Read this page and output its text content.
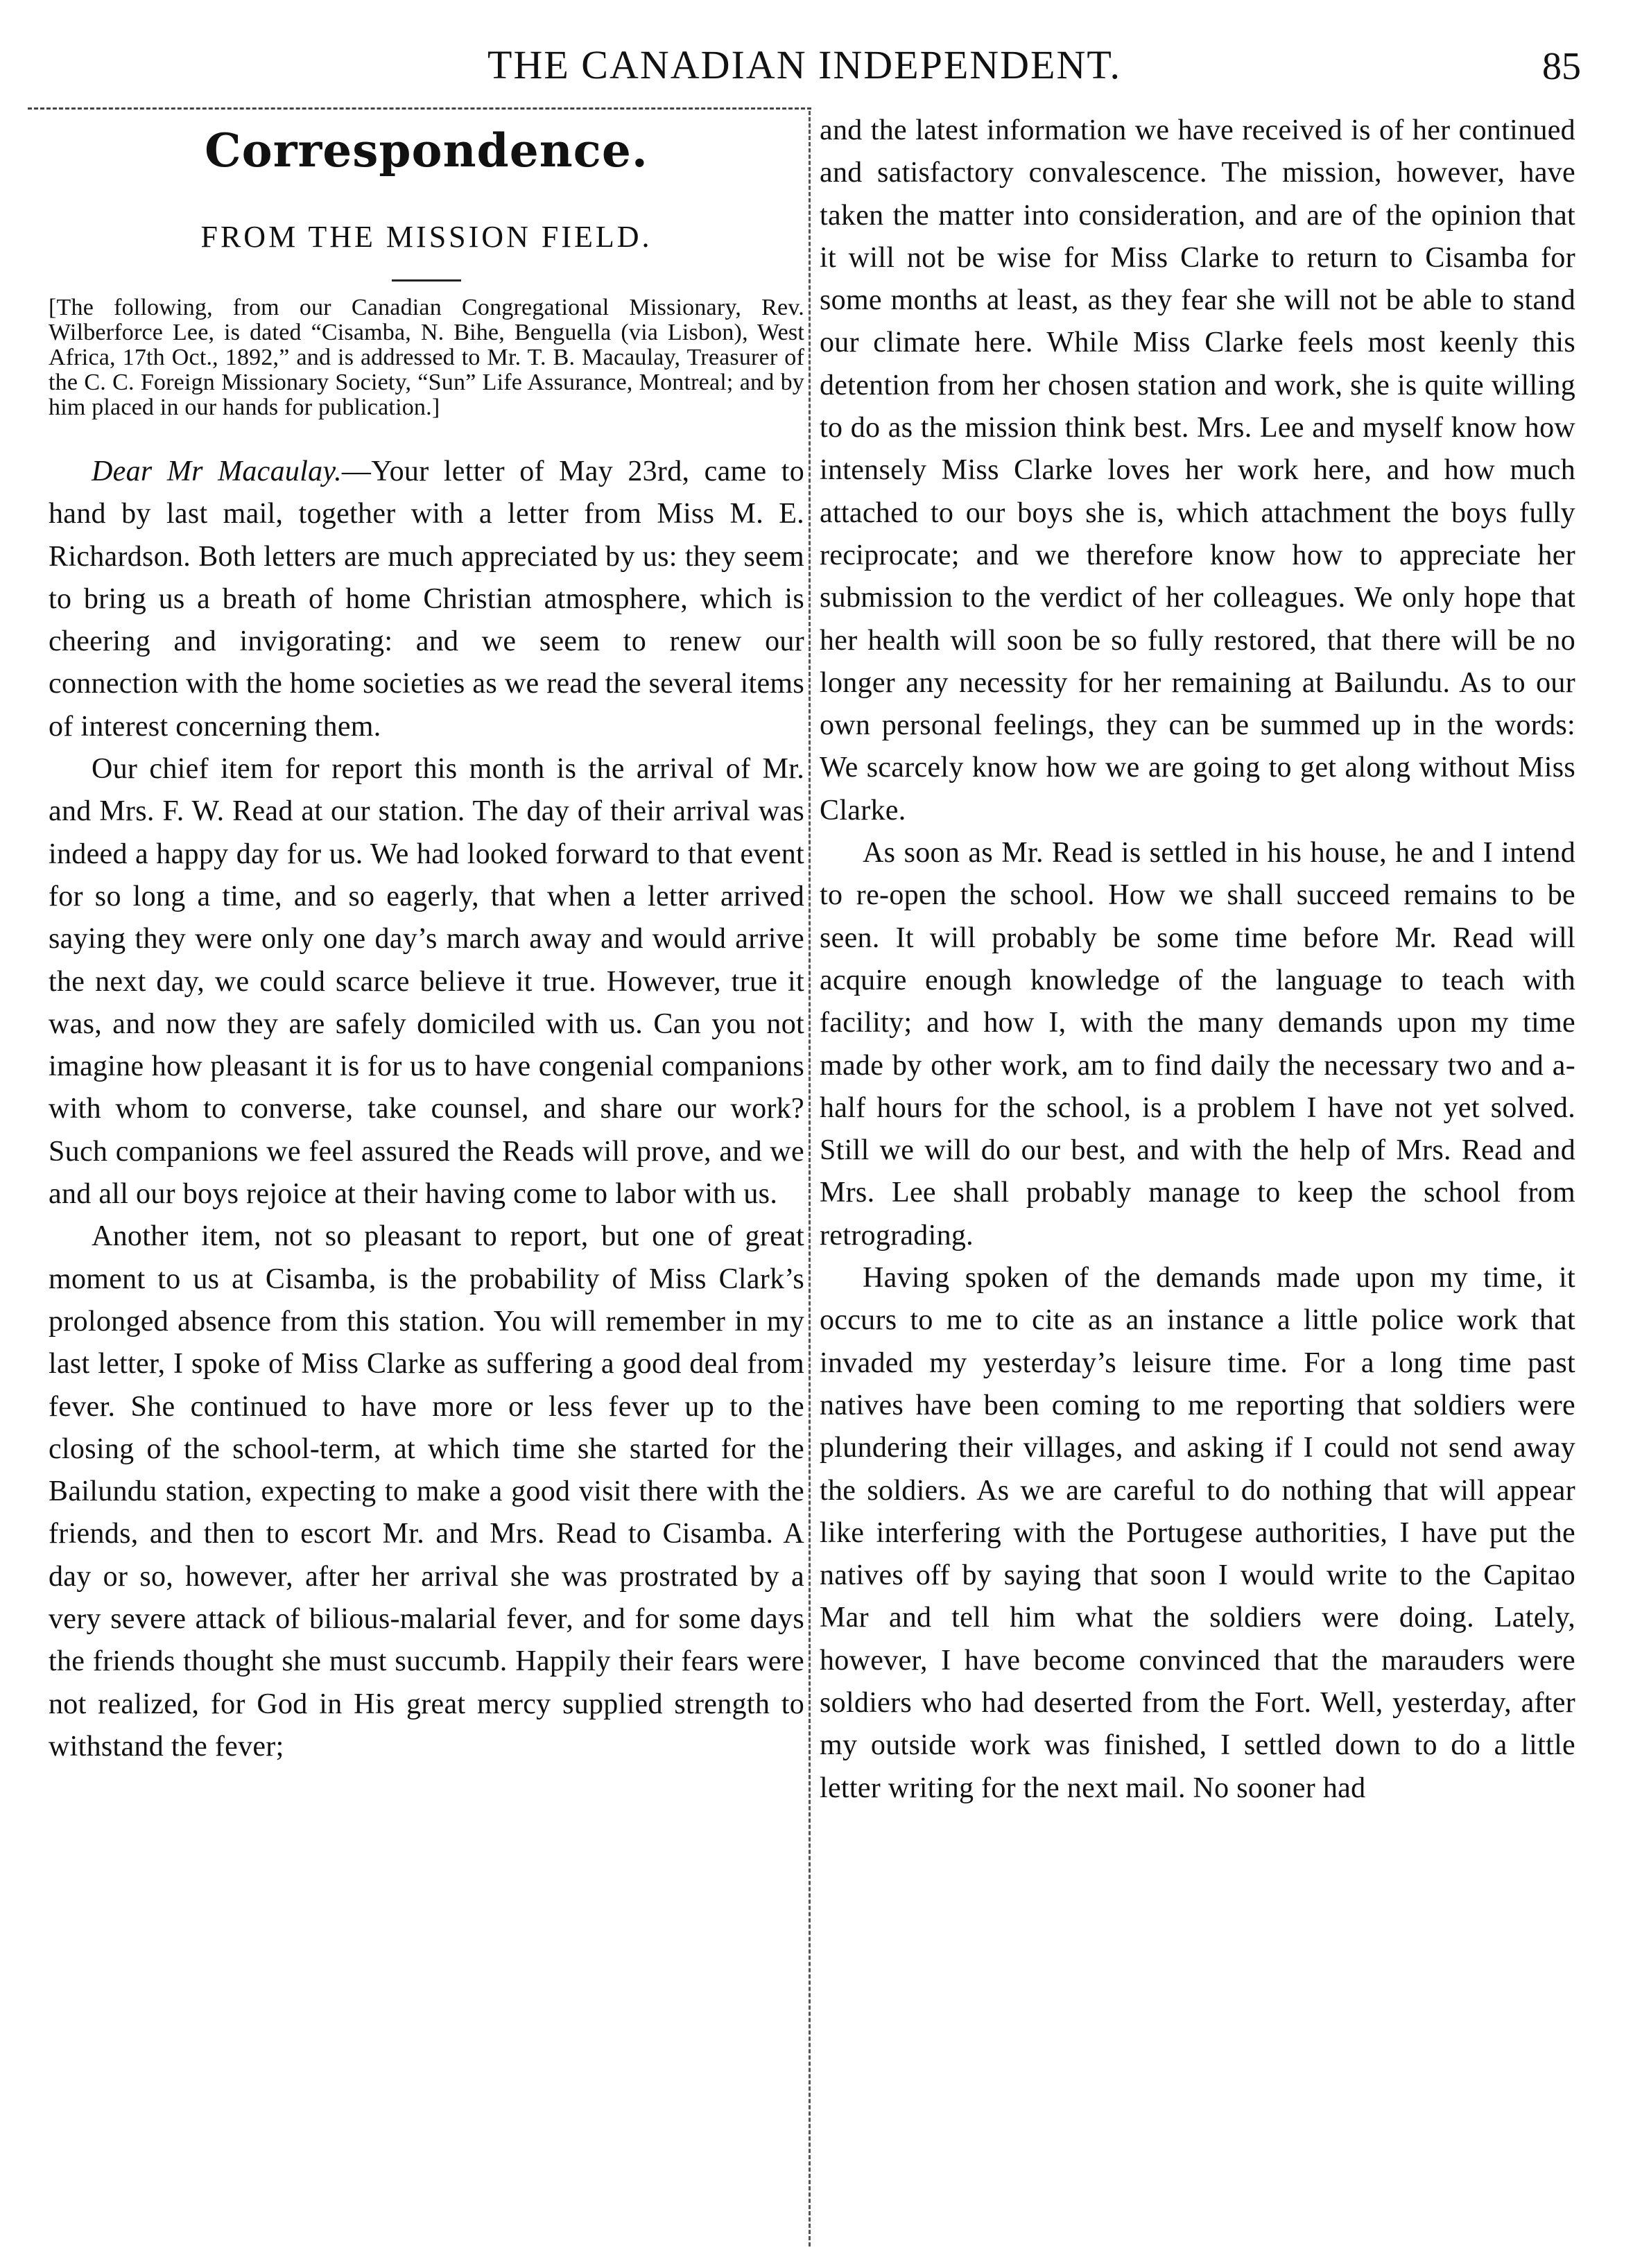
THE CANADIAN INDEPENDENT.	85
Correspondence.
FROM THE MISSION FIELD.

[The following, from our Canadian Congregational Missionary, Rev. Wilberforce Lee, is dated “Cisamba, N. Bihe, Benguella (via Lisbon), West Africa, 17th Oct., 1892,” and is addressed to Mr. T. B. Macaulay, Treasurer of the C. C. Foreign Missionary Society, “Sun” Life Assurance, Montreal; and by him placed in our hands for publication.]

Dear Mr Macaulay.—Your letter of May 23rd, came to hand by last mail, together with a letter from Miss M. E. Richardson. Both letters are much appreciated by us: they seem to bring us a breath of home Christian atmosphere, which is cheering and invigorating: and we seem to renew our connection with the home societies as we read the several items of interest concerning them.

Our chief item for report this month is the arrival of Mr. and Mrs. F. W. Read at our station. The day of their arrival was indeed a happy day for us. We had looked forward to that event for so long a time, and so eagerly, that when a letter arrived saying they were only one day’s march away and would arrive the next day, we could scarce believe it true. However, true it was, and now they are safely domiciled with us. Can you not imagine how pleasant it is for us to have congenial companions with whom to converse, take counsel, and share our work? Such companions we feel assured the Reads will prove, and we and all our boys rejoice at their having come to labor with us.

Another item, not so pleasant to report, but one of great moment to us at Cisamba, is the probability of Miss Clark’s prolonged absence from this station. You will remember in my last letter, I spoke of Miss Clarke as suffering a good deal from fever. She continued to have more or less fever up to the closing of the school-term, at which time she started for the Bailundu station, expecting to make a good visit there with the friends, and then to escort Mr. and Mrs. Read to Cisamba. A day or so, however, after her arrival she was prostrated by a very severe attack of bilious-malarial fever, and for some days the friends thought she must succumb. Happily their fears were not realized, for God in His great mercy supplied strength to withstand the fever;

and the latest information we have received is of her continued and satisfactory convalescence. The mission, however, have taken the matter into consideration, and are of the opinion that it will not be wise for Miss Clarke to return to Cisamba for some months at least, as they fear she will not be able to stand our climate here. While Miss Clarke feels most keenly this detention from her chosen station and work, she is quite willing to do as the mission think best. Mrs. Lee and myself know how intensely Miss Clarke loves her work here, and how much attached to our boys she is, which attachment the boys fully reciprocate; and we therefore know how to appreciate her submission to the verdict of her colleagues. We only hope that her health will soon be so fully restored, that there will be no longer any necessity for her remaining at Bailundu. As to our own personal feelings, they can be summed up in the words: We scarcely know how we are going to get along without Miss Clarke.

As soon as Mr. Read is settled in his house, he and I intend to re-open the school. How we shall succeed remains to be seen. It will probably be some time before Mr. Read will acquire enough knowledge of the language to teach with facility; and how I, with the many demands upon my time made by other work, am to find daily the necessary two and a-half hours for the school, is a problem I have not yet solved. Still we will do our best, and with the help of Mrs. Read and Mrs. Lee shall probably manage to keep the school from retrograding.

Having spoken of the demands made upon my time, it occurs to me to cite as an instance a little police work that invaded my yesterday’s leisure time. For a long time past natives have been coming to me reporting that soldiers were plundering their villages, and asking if I could not send away the soldiers. As we are careful to do nothing that will appear like interfering with the Portugese authorities, I have put the natives off by saying that soon I would write to the Capitao Mar and tell him what the soldiers were doing. Lately, however, I have become convinced that the marauders were soldiers who had deserted from the Fort. Well, yesterday, after my outside work was finished, I settled down to do a little letter writing for the next mail. No sooner had
